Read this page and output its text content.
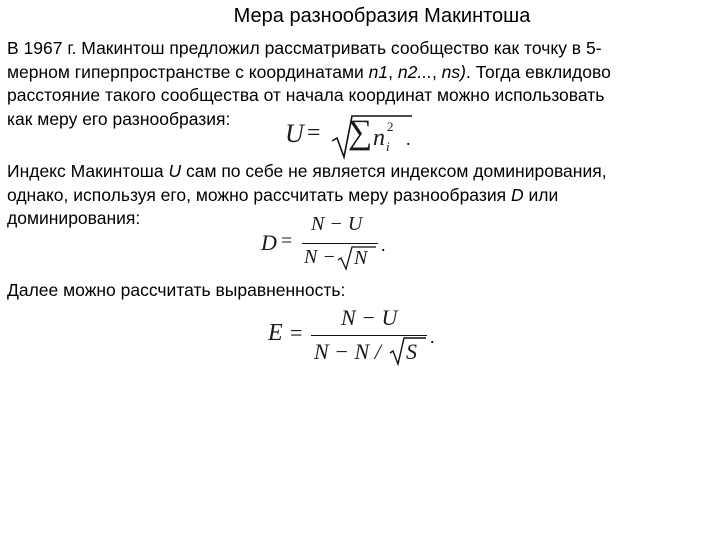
Мера разнообразия Макинтоша
В 1967 г. Макинтош предложил рассматривать сообщество как точку в 5-
мерном гиперпространстве с координатами n1, n2..., ns). Тогда евклидово
расстояние такого сообщества от начала координат можно использовать
как меру его разнообразия:
U = ∑ n i
2
.
Индекс Макинтоша U сам по себе не является индексом доминирования,
однако, используя его, можно рассчитать меру разнообразия D или
доминирования:
D =
N − U
N − N
.
Далее можно рассчитать выравненность:
E =
N − U
N − N / S
.
